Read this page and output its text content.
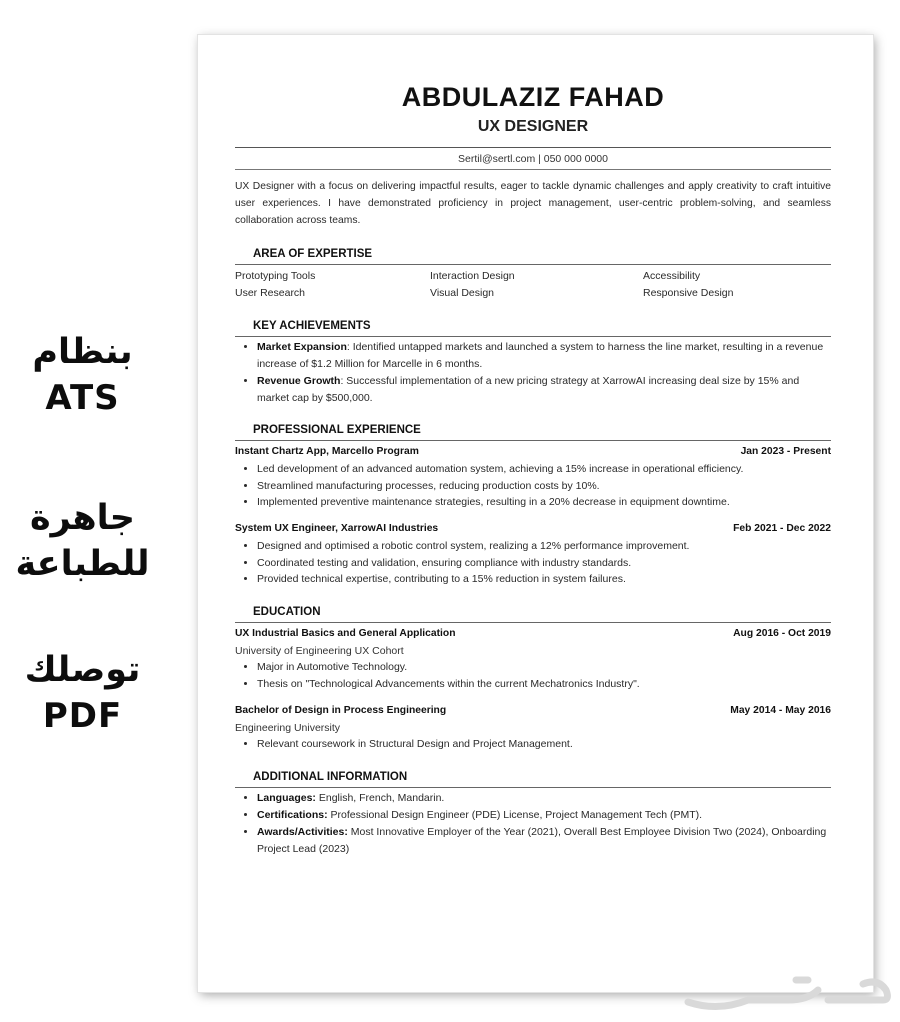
بنظام
ATS
جاهرة
للطباعة
توصلك
PDF
ABDULAZIZ FAHAD
UX DESIGNER
Sertil@sertl.com | 050 000 0000
UX Designer with a focus on delivering impactful results, eager to tackle dynamic challenges and apply creativity to craft intuitive user experiences. I have demonstrated proficiency in project management, user-centric problem-solving, and seamless collaboration across teams.
AREA OF EXPERTISE
Prototyping Tools	Interaction Design	Accessibility
User Research	Visual Design	Responsive Design
KEY ACHIEVEMENTS
• Market Expansion: Identified untapped markets and launched a system to harness the line market, resulting in a revenue increase of $1.2 Million for Marcelle in 6 months.
• Revenue Growth: Successful implementation of a new pricing strategy at XarrowAI increasing deal size by 15% and market cap by $500,000.
PROFESSIONAL EXPERIENCE
Instant Chartz App, Marcello Program	Jan 2023 - Present
• Led development of an advanced automation system, achieving a 15% increase in operational efficiency.
• Streamlined manufacturing processes, reducing production costs by 10%.
• Implemented preventive maintenance strategies, resulting in a 20% decrease in equipment downtime.
System UX Engineer, XarrowAI Industries	Feb 2021 - Dec 2022
• Designed and optimised a robotic control system, realizing a 12% performance improvement.
• Coordinated testing and validation, ensuring compliance with industry standards.
• Provided technical expertise, contributing to a 15% reduction in system failures.
EDUCATION
UX Industrial Basics and General Application	Aug 2016 - Oct 2019
University of Engineering UX Cohort
• Major in Automotive Technology.
• Thesis on "Technological Advancements within the current Mechatronics Industry".
Bachelor of Design in Process Engineering	May 2014 - May 2016
Engineering University
• Relevant coursework in Structural Design and Project Management.
ADDITIONAL INFORMATION
• Languages: English, French, Mandarin.
• Certifications: Professional Design Engineer (PDE) License, Project Management Tech (PMT).
• Awards/Activities: Most Innovative Employer of the Year (2021), Overall Best Employee Division Two (2024), Onboarding Project Lead (2023)
